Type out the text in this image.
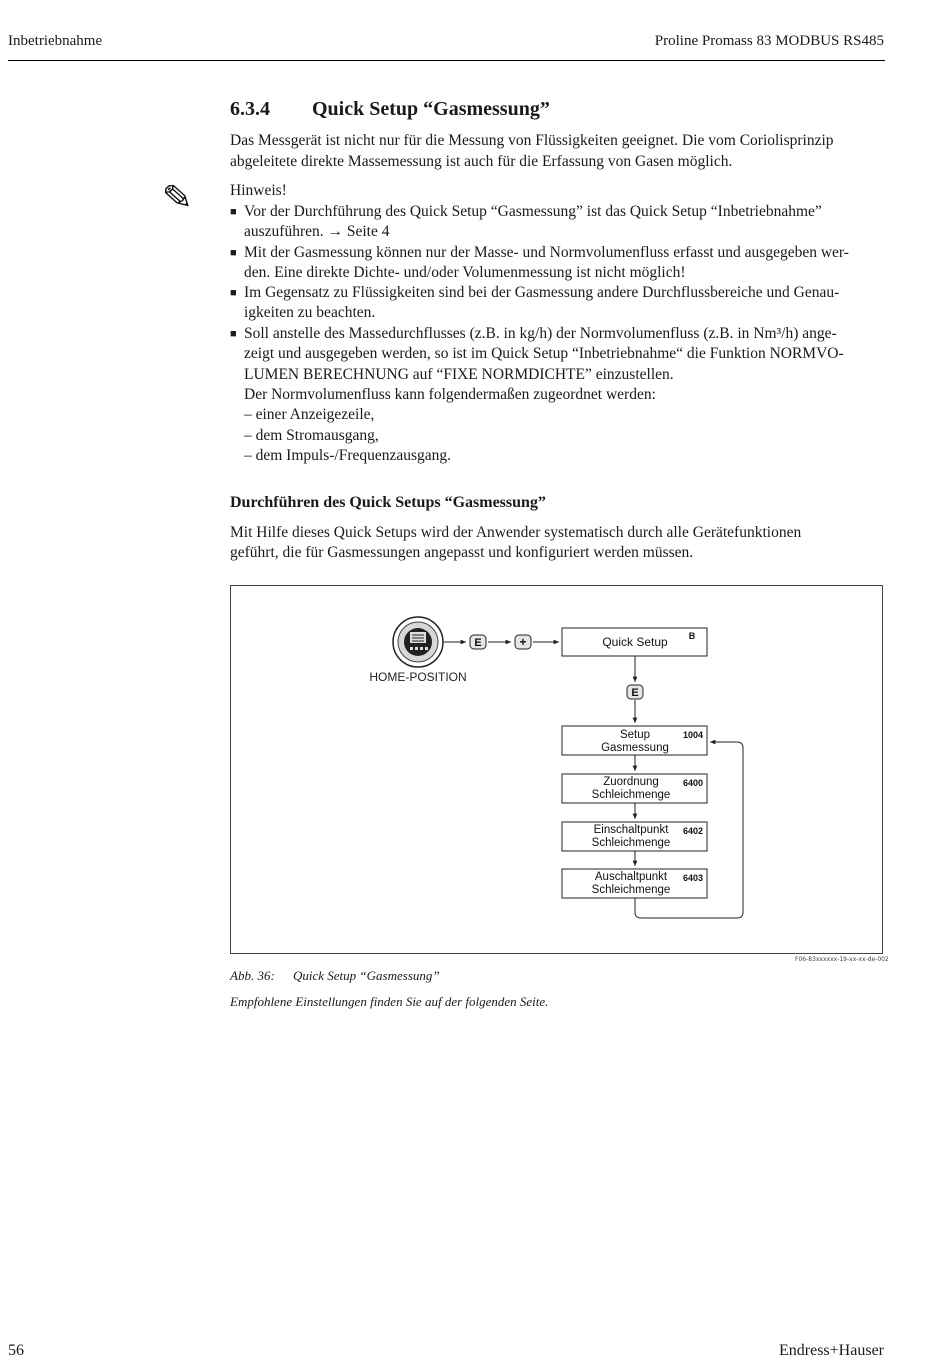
Inbetriebnahme	Proline Promass 83 MODBUS RS485
6.3.4 Quick Setup “Gasmessung”
Das Messgerät ist nicht nur für die Messung von Flüssigkeiten geeignet. Die vom Coriolisprinzip
abgeleitete direkte Massemessung ist auch für die Erfassung von Gasen möglich.
✎ Hinweis!
■ Vor der Durchführung des Quick Setup “Gasmessung” ist das Quick Setup “Inbetriebnahme”
auszuführen. → Seite 4
■ Mit der Gasmessung können nur der Masse- und Normvolumenfluss erfasst und ausgegeben wer-
den. Eine direkte Dichte- und/oder Volumenmessung ist nicht möglich!
■ Im Gegensatz zu Flüssigkeiten sind bei der Gasmessung andere Durchflussbereiche und Genau-
igkeiten zu beachten.
■ Soll anstelle des Massedurchflusses (z.B. in kg/h) der Normvolumenfluss (z.B. in Nm³/h) ange-
zeigt und ausgegeben werden, so ist im Quick Setup “Inbetriebnahme“ die Funktion NORMVO-
LUMEN BERECHNUNG auf “FIXE NORMDICHTE” einzustellen.
Der Normvolumenfluss kann folgendermaßen zugeordnet werden:
– einer Anzeigezeile,
– dem Stromausgang,
– dem Impuls-/Frequenzausgang.
Durchführen des Quick Setups “Gasmessung”
Mit Hilfe dieses Quick Setups wird der Anwender systematisch durch alle Gerätefunktionen
geführt, die für Gasmessungen angepasst und konfiguriert werden müssen.
HOME-POSITION
E	+	Quick Setup B
E
Setup
Gasmessung
1004
Zuordnung
Schleichmenge
6400
Einschaltpunkt
Schleichmenge
6402
Auschaltpunkt
Schleichmenge
6403
F06-83xxxxxx-19-xx-xx-de-002
Abb. 36: Quick Setup “Gasmessung”
Empfohlene Einstellungen finden Sie auf der folgenden Seite.
56	Endress+Hauser
